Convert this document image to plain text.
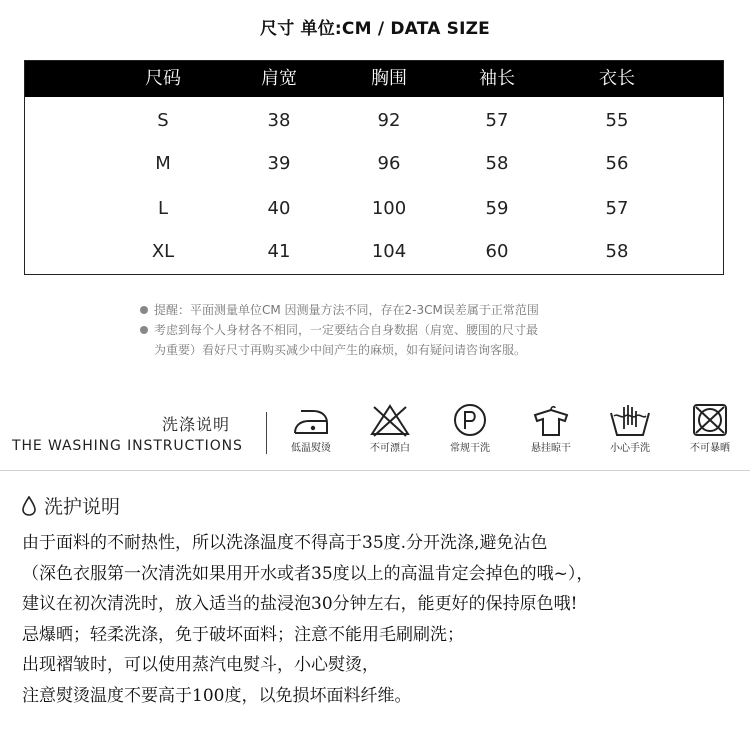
尺寸 单位:CM / DATA SIZE
尺码	肩宽	胸围	袖长	衣长
S	38	92	57	55
M	39	96	58	56
L	40	100	59	57
XL	41	104	60	58
提醒：平面测量单位CM 因测量方法不同，存在2-3CM误差属于正常范围
考虑到每个人身材各不相同，一定要结合自身数据（肩宽、腰围的尺寸最
为重要）看好尺寸再购买减少中间产生的麻烦，如有疑问请咨询客服。
洗涤说明
THE WASHING INSTRUCTIONS	低温熨烫	不可漂白	常规干洗	悬挂晾干	小心手洗	不可暴晒
洗护说明
由于面料的不耐热性，所以洗涤温度不得高于35度.分开洗涤,避免沾色
（深色衣服第一次清洗如果用开水或者35度以上的高温肯定会掉色的哦~），
建议在初次清洗时，放入适当的盐浸泡30分钟左右，能更好的保持原色哦!
忌爆晒；轻柔洗涤，免于破坏面料；注意不能用毛刷刷洗；
出现褶皱时，可以使用蒸汽电熨斗，小心熨烫，
注意熨烫温度不要高于100度，以免损坏面料纤维。
